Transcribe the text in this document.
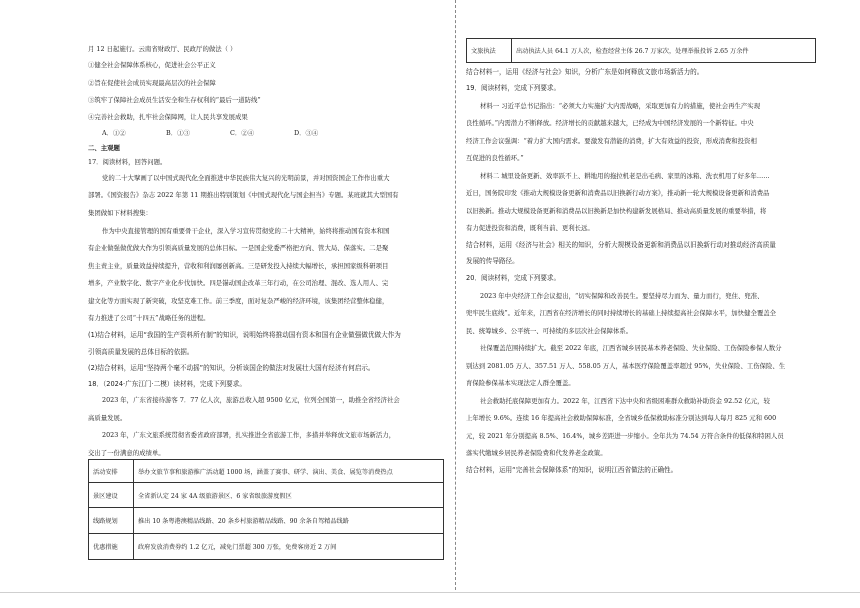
月 12 日起施行。云南省财政厅、民政厅的做法（ ）
①健全社会保障体系核心，促进社会公平正义
②旨在促使社会成员实现最高层次的社会保障
③筑牢了保障社会成员生活安全和生存权利的“最后一道防线”
④完善社会救助，扎牢社会保障网，让人民共享发展成果
A．①②	B．①③	C．②④	D．③④
二、主观题
17．阅读材料，回答问题。
党的二十大擘画了以中国式现代化全面推进中华民族伟大复兴的光明前景，并对国资国企工作作出重大
部署。《国资报告》杂志 2022 年第 11 期推出特别策划《中国式现代化与国企担当》专题。某班就其大型国有
集团做如下材料搜集：
作为中央直接管理的国有重要骨干企业，深入学习宣传贯彻党的二十大精神，始终将推动国有资本和国
有企业做强做优做大作为引领高质量发展的总体目标。一是国企党委严格把方向、管大局、保落实。二是聚
焦主责主业，质量效益持续提升，营收和利润屡创新高。三是研发投入持续大幅增长，承担国家级科研项目
增多，产业数字化、数字产业化步伐加快。四是锚动国企改革三年行动，在公司治理、混改、选人用人、完
建文化等方面实现了新突破，攻坚克难工作。前三季度，面对复杂严峻的经济环境，该集团经营整体稳健，
有力推进了公司“十四五”战略任务的进程。
(1)结合材料，运用“我国的生产资料所有制”的知识，说明始终将推动国有资本和国有企业做强做优做大作为
引领高质量发展的总体目标的依据。
(2)结合材料，运用“坚持两个毫不动摇”的知识，分析该国企的做法对发展壮大国有经济有何启示。
18．（2024·广东江门·二模）读材料，完成下列要求。
2023 年，广东省接待游客 7．77 亿人次，旅游总收入超 9500 亿元，位列全国第一，助推全省经济社会
高质量发展。
2023 年，广东文旅系统贯彻省委省政府部署，扎实推进全省旅游工作，多措并举释放文旅市场新活力，
交出了一份满意的成绩单。
活动安排	举办文旅节事和旅游推广活动超 1000 场，涵盖了赛事、研学、演出、美食、展览等消费热点
景区建设	全省新认定 24 家 4A 级旅游景区、6 家省级旅游度假区
线路规划	推出 10 条粤港澳精品线路、20 条乡村旅游精品线路、90 余条自驾精品线路
优惠措施	政府发放消费券约 1.2 亿元，减免门票超 300 万张，免费客房近 2 万间
文旅执法	出动执法人员 64.1 万人次，检查经营主体 26.7 万家次，处理举报投诉 2.65 万余件
结合材料一，运用《经济与社会》知识，分析广东是如何释放文旅市场新活力的。
19．阅读材料，完成下列要求。
材料一 习近平总书记指出：“必须大力实施扩大内需战略，采取更加有力的措施，使社会再生产实现
良性循环。”内需潜力不断释放。经济增长的贡献越来越大，已经成为中国经济发展的一个新特征。中央
经济工作会议强调：“着力扩大国内需求。要激发有潜能的消费，扩大有效益的投资，形成消费和投资相
互促进的良性循环。”
材料二 城里设备更新、效率跃不上、耕地用的拖拉机老是出毛病、家里的冰箱、洗衣机用了好多年……
近日，国务院印发《推动大规模设备更新和消费品以旧换新行动方案》，推动新一轮大规模设备更新和消费品
以旧换新。推动大规模设备更新和消费品以旧换新是加快构建新发展格局、推动高质量发展的重要举措，将
有力促进投资和消费，既利当前、更利长远。
结合材料，运用《经济与社会》相关的知识，分析大规模设备更新和消费品以旧换新行动对推动经济高质量
发展的传导路径。
20．阅读材料，完成下列要求。
2023 年中央经济工作会议提出，“切实保障和改善民生。要坚持尽力而为、量力而行，兜住、兜准、
兜牢民生底线”。近年来，江西省在经济增长的同时持续增长的基础上持续提高社会保障水平，加快健全覆盖全
民、统筹城乡、公平统一、可持续的多层次社会保障体系。
社保覆盖范围持续扩大。截至 2022 年底，江西省城乡居民基本养老保险、失业保险、工伤保险参保人数分
别达到 2081.05 万人、357.51 万人、558.05 万人，基本医疗保险覆盖率超过 95%，失业保险、工伤保险、生
育保险参保基本实现法定人群全覆盖。
社会救助托底保障更加有力。2022 年，江西省下达中央和省级困难群众救助补助资金 92.52 亿元，较
上年增长 9.6%。连续 16 年提高社会救助保障标准，全省城乡低保救助标准分别达到每人每月 825 元和 600
元，较 2021 年分别提高 8.5%、16.4%，城乡差距进一步缩小。全年共为 74.54 万符合条件的低保和特困人员
落实代缴城乡居民养老保险费和代发养老金政策。
结合材料，运用“完善社会保障体系”的知识，说明江西省做法的正确性。
